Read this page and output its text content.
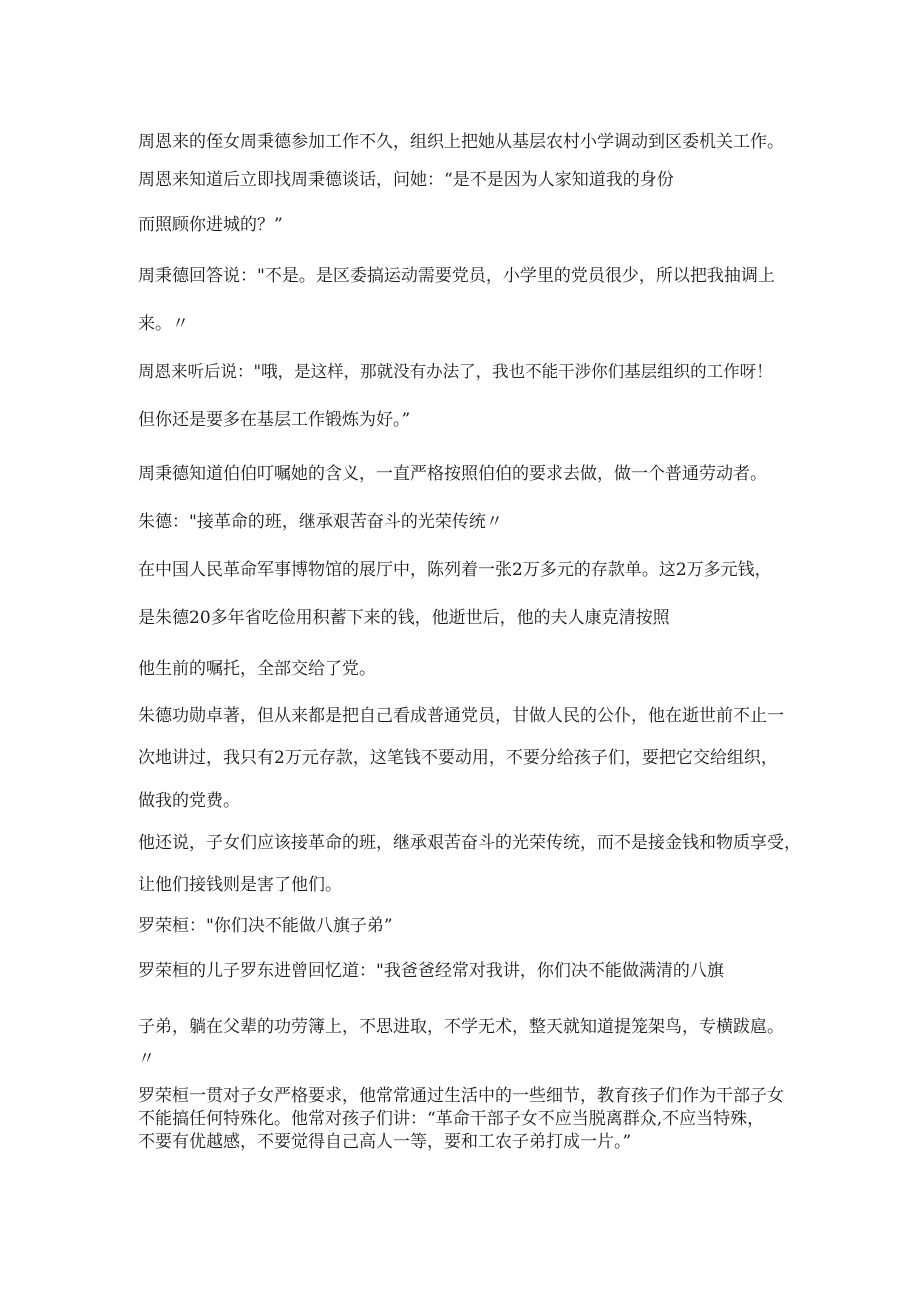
周恩来的侄女周秉德参加工作不久，组织上把她从基层农村小学调动到区委机关工作。

周恩来知道后立即找周秉德谈话，问她：“是不是因为人家知道我的身份

而照顾你进城的？”

周秉德回答说："不是。是区委搞运动需要党员，小学里的党员很少，所以把我抽调上

来。〃

周恩来听后说："哦，是这样，那就没有办法了，我也不能干涉你们基层组织的工作呀！

但你还是要多在基层工作锻炼为好。”

周秉德知道伯伯叮嘱她的含义，一直严格按照伯伯的要求去做，做一个普通劳动者。

朱德："接革命的班，继承艰苦奋斗的光荣传统〃

在中国人民革命军事博物馆的展厅中，陈列着一张2万多元的存款单。这2万多元钱，

是朱德20多年省吃俭用积蓄下来的钱，他逝世后，他的夫人康克清按照

他生前的嘱托，全部交给了党。

朱德功勋卓著，但从来都是把自己看成普通党员，甘做人民的公仆，他在逝世前不止一

次地讲过，我只有2万元存款，这笔钱不要动用，不要分给孩子们，要把它交给组织，

做我的党费。

他还说，子女们应该接革命的班，继承艰苦奋斗的光荣传统，而不是接金钱和物质享受，

让他们接钱则是害了他们。

罗荣桓："你们决不能做八旗子弟”

罗荣桓的儿子罗东进曾回忆道："我爸爸经常对我讲，你们决不能做满清的八旗

子弟，躺在父辈的功劳簿上，不思进取，不学无术，整天就知道提笼架鸟，专横跋扈。

〃

罗荣桓一贯对子女严格要求，他常常通过生活中的一些细节，教育孩子们作为干部子女

不能搞任何特殊化。他常对孩子们讲：“革命干部子女不应当脱离群众,不应当特殊，

不要有优越感，不要觉得自己高人一等，要和工农子弟打成一片。”
